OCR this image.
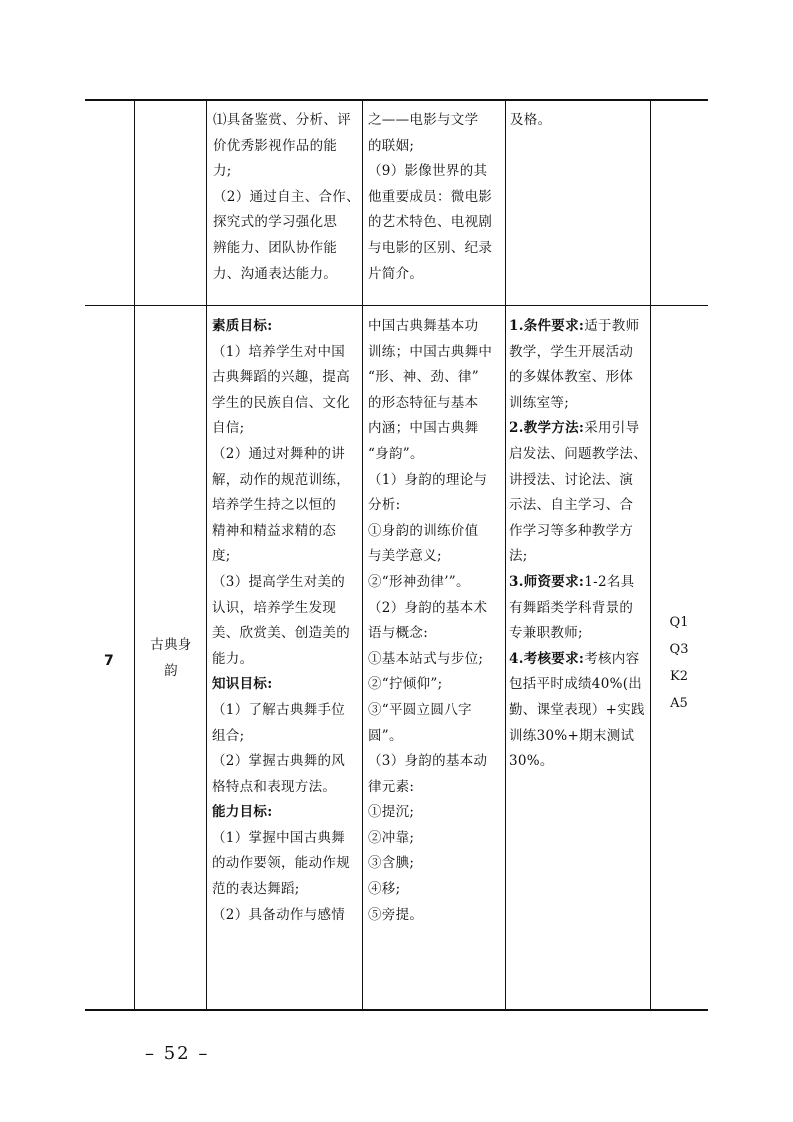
⑴具备鉴赏、分析、评
价优秀影视作品的能
力;
（2）通过自主、合作、
探究式的学习强化思
辨能力、团队协作能
力、沟通表达能力。
之——电影与文学
的联姻;
（9）影像世界的其
他重要成员：微电影
的艺术特色、电视剧
与电影的区别、纪录
片简介。
及格。
7
古典身
韵
素质目标:
（1）培养学生对中国
古典舞蹈的兴趣，提高
学生的民族自信、文化
自信;
（2）通过对舞种的讲
解，动作的规范训练，
培养学生持之以恒的
精神和精益求精的态
度;
（3）提高学生对美的
认识，培养学生发现
美、欣赏美、创造美的
能力。
知识目标:
（1）了解古典舞手位
组合;
（2）掌握古典舞的风
格特点和表现方法。
能力目标:
（1）掌握中国古典舞
的动作要领，能动作规
范的表达舞蹈;
（2）具备动作与感情
中国古典舞基本功
训练；中国古典舞中
“形、神、劲、律”
的形态特征与基本
内涵；中国古典舞
“身韵”。
（1）身韵的理论与
分析:
①身韵的训练价值
与美学意义;
②“形神劲律’”。
（2）身韵的基本术
语与概念:
①基本站式与步位;
②“拧倾仰”;
③“平圆立圆八字
圆”。
（3）身韵的基本动
律元素:
①提沉;
②冲靠;
③含腆;
④移;
⑤旁提。
1.条件要求:适于教师
教学，学生开展活动
的多媒体教室、形体
训练室等;
2.教学方法:采用引导
启发法、问题教学法、
讲授法、讨论法、演
示法、自主学习、合
作学习等多种教学方
法;
3.师资要求:1-2名具
有舞蹈类学科背景的
专兼职教师;
4.考核要求:考核内容
包括平时成绩40%(出
勤、课堂表现）+实践
训练30%+期末测试
30%。
Q1
Q3
K2
A5
– 52 –
